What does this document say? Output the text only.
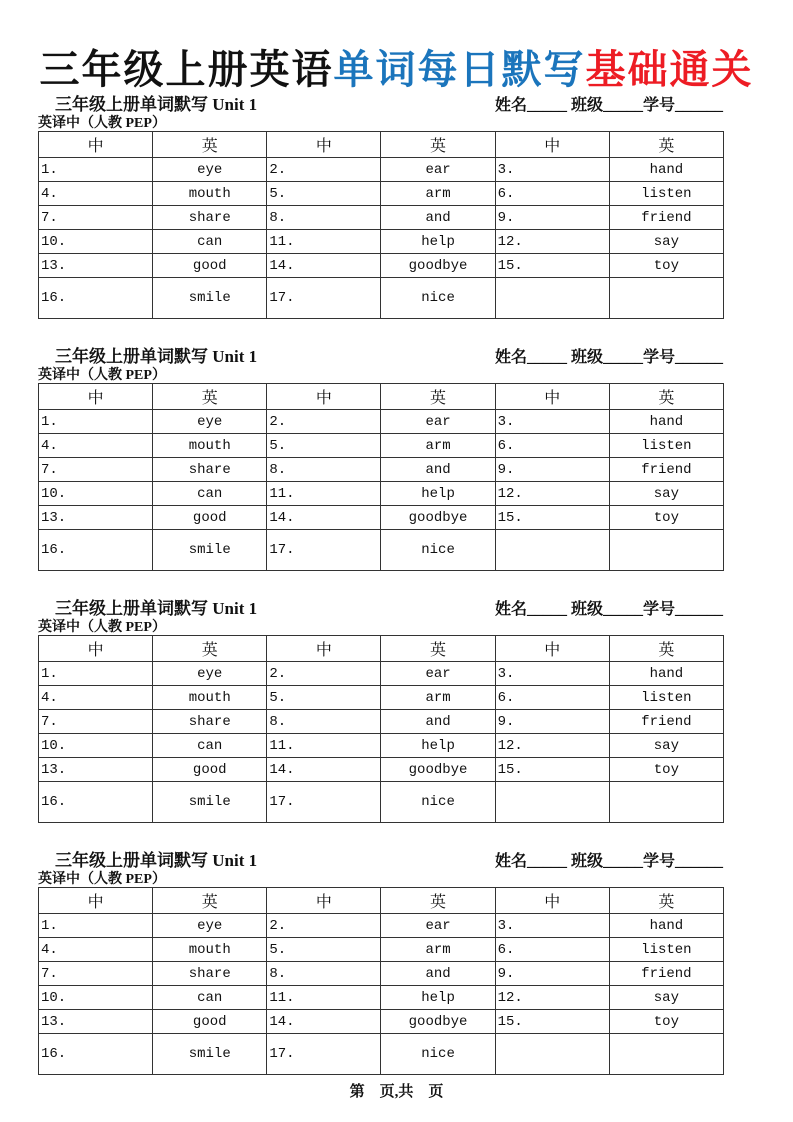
三年级上册英语单词每日默写基础通关
三年级上册单词默写 Unit 1	姓名_____ 班级_____学号______
英译中（人教 PEP）
中	英	中	英	中	英
1.	eye	2.	ear	3.	hand
4.	mouth	5.	arm	6.	listen
7.	share	8.	and	9.	friend
10.	can	11.	help	12.	say
13.	good	14.	goodbye	15.	toy
16.	smile	17.	nice		
三年级上册单词默写 Unit 1	姓名_____ 班级_____学号______
英译中（人教 PEP）
中	英	中	英	中	英
1.	eye	2.	ear	3.	hand
4.	mouth	5.	arm	6.	listen
7.	share	8.	and	9.	friend
10.	can	11.	help	12.	say
13.	good	14.	goodbye	15.	toy
16.	smile	17.	nice		
三年级上册单词默写 Unit 1	姓名_____ 班级_____学号______
英译中（人教 PEP）
中	英	中	英	中	英
1.	eye	2.	ear	3.	hand
4.	mouth	5.	arm	6.	listen
7.	share	8.	and	9.	friend
10.	can	11.	help	12.	say
13.	good	14.	goodbye	15.	toy
16.	smile	17.	nice		
三年级上册单词默写 Unit 1	姓名_____ 班级_____学号______
英译中（人教 PEP）
中	英	中	英	中	英
1.	eye	2.	ear	3.	hand
4.	mouth	5.	arm	6.	listen
7.	share	8.	and	9.	friend
10.	can	11.	help	12.	say
13.	good	14.	goodbye	15.	toy
16.	smile	17.	nice		
第 页,共 页
